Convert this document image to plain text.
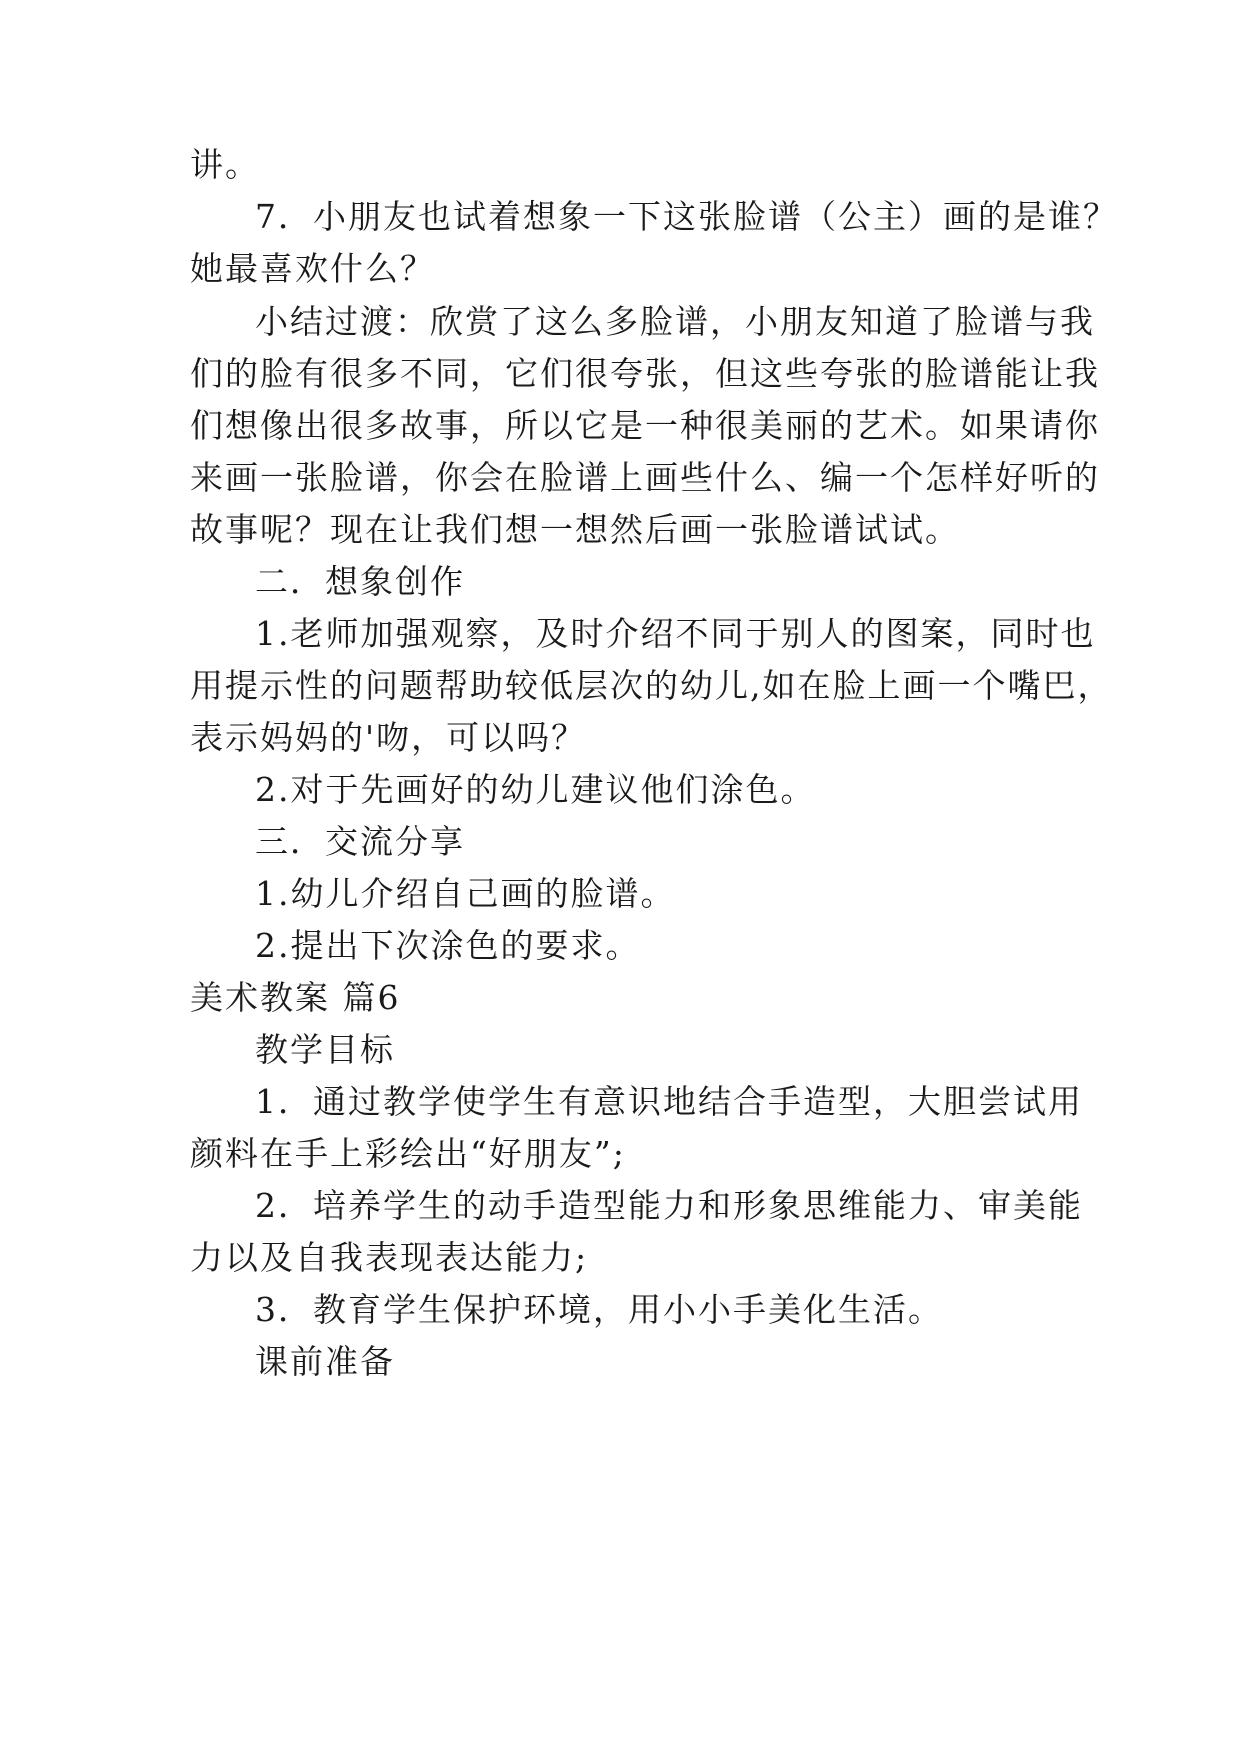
讲。
7．小朋友也试着想象一下这张脸谱（公主）画的是谁？
她最喜欢什么？
小结过渡：欣赏了这么多脸谱，小朋友知道了脸谱与我
们的脸有很多不同，它们很夸张，但这些夸张的脸谱能让我
们想像出很多故事，所以它是一种很美丽的艺术。如果请你
来画一张脸谱，你会在脸谱上画些什么、编一个怎样好听的
故事呢？现在让我们想一想然后画一张脸谱试试。
二．想象创作
1.老师加强观察，及时介绍不同于别人的图案，同时也
用提示性的问题帮助较低层次的幼儿,如在脸上画一个嘴巴，
表示妈妈的'吻，可以吗？
2.对于先画好的幼儿建议他们涂色。
三．交流分享
1.幼儿介绍自己画的脸谱。
2.提出下次涂色的要求。
美术教案 篇6
教学目标
1．通过教学使学生有意识地结合手造型，大胆尝试用
颜料在手上彩绘出“好朋友”;
2．培养学生的动手造型能力和形象思维能力、审美能
力以及自我表现表达能力;
3．教育学生保护环境，用小小手美化生活。
课前准备
